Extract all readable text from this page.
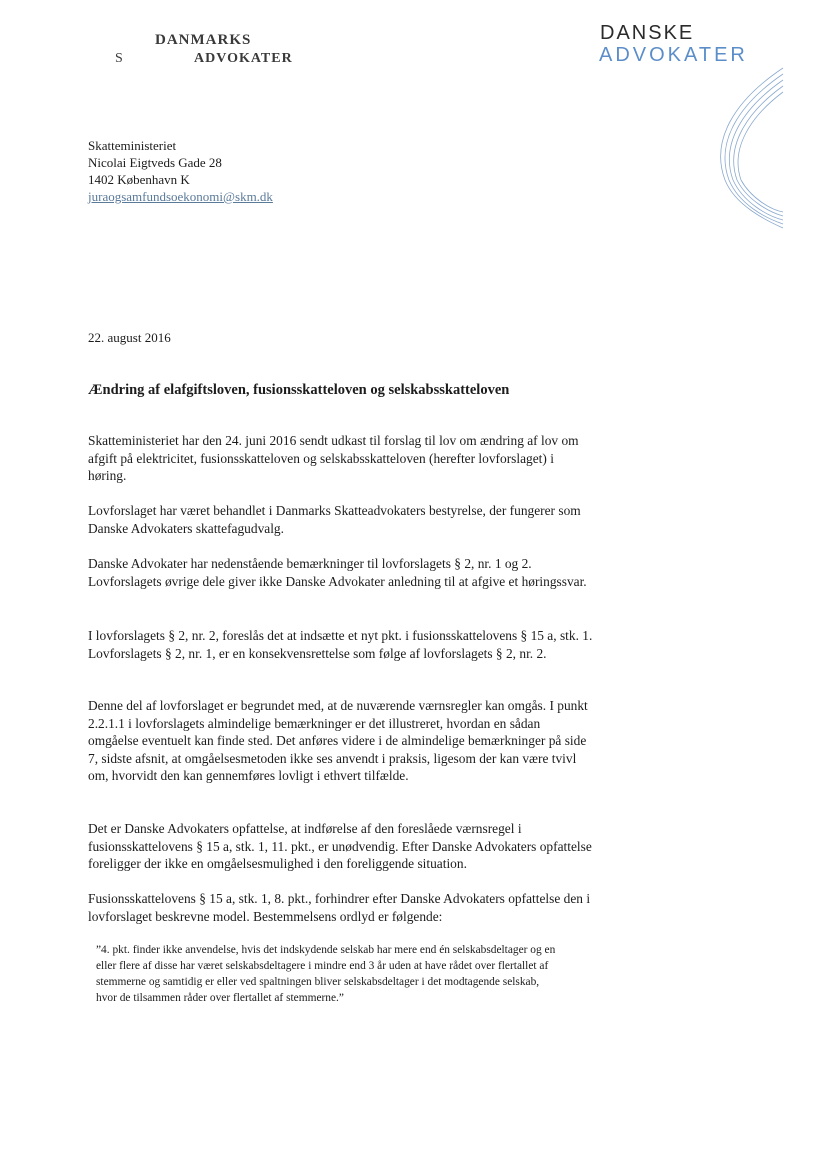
DANMARKS
S	ADVOKATER
DANSKE
ADVOKATER
Skatteministeriet
Nicolai Eigtveds Gade 28
1402 København K
juraogsamfundsoekonomi@skm.dk
22. august 2016
Ændring af elafgiftsloven, fusionsskatteloven og selskabsskatteloven

Skatteministeriet har den 24. juni 2016 sendt udkast til forslag til lov om ændring af lov om afgift på elektricitet, fusionsskatteloven og selskabsskatteloven (herefter lovforslaget) i høring.

Lovforslaget har været behandlet i Danmarks Skatteadvokaters bestyrelse, der fungerer som Danske Advokaters skattefagudvalg.

Danske Advokater har nedenstående bemærkninger til lovforslagets § 2, nr. 1 og 2. Lovforslagets øvrige dele giver ikke Danske Advokater anledning til at afgive et høringssvar.

I lovforslagets § 2, nr. 2, foreslås det at indsætte et nyt pkt. i fusionsskattelovens § 15 a, stk. 1. Lovforslagets § 2, nr. 1, er en konsekvensrettelse som følge af lovforslagets § 2, nr. 2.

Denne del af lovforslaget er begrundet med, at de nuværende værnsregler kan omgås. I punkt 2.2.1.1 i lovforslagets almindelige bemærkninger er det illustreret, hvordan en sådan omgåelse eventuelt kan finde sted. Det anføres videre i de almindelige bemærkninger på side 7, sidste afsnit, at omgåelsesmetoden ikke ses anvendt i praksis, ligesom der kan være tvivl om, hvorvidt den kan gennemføres lovligt i ethvert tilfælde.

Det er Danske Advokaters opfattelse, at indførelse af den foreslåede værnsregel i fusionsskattelovens § 15 a, stk. 1, 11. pkt., er unødvendig. Efter Danske Advokaters opfattelse foreligger der ikke en omgåelsesmulighed i den foreliggende situation.

Fusionsskattelovens § 15 a, stk. 1, 8. pkt., forhindrer efter Danske Advokaters opfattelse den i lovforslaget beskrevne model. Bestemmelsens ordlyd er følgende:

”4. pkt. finder ikke anvendelse, hvis det indskydende selskab har mere end én selskabsdeltager og en eller flere af disse har været selskabsdeltagere i mindre end 3 år uden at have rådet over flertallet af stemmerne og samtidig er eller ved spaltningen bliver selskabsdeltager i det modtagende selskab, hvor de tilsammen råder over flertallet af stemmerne.”
